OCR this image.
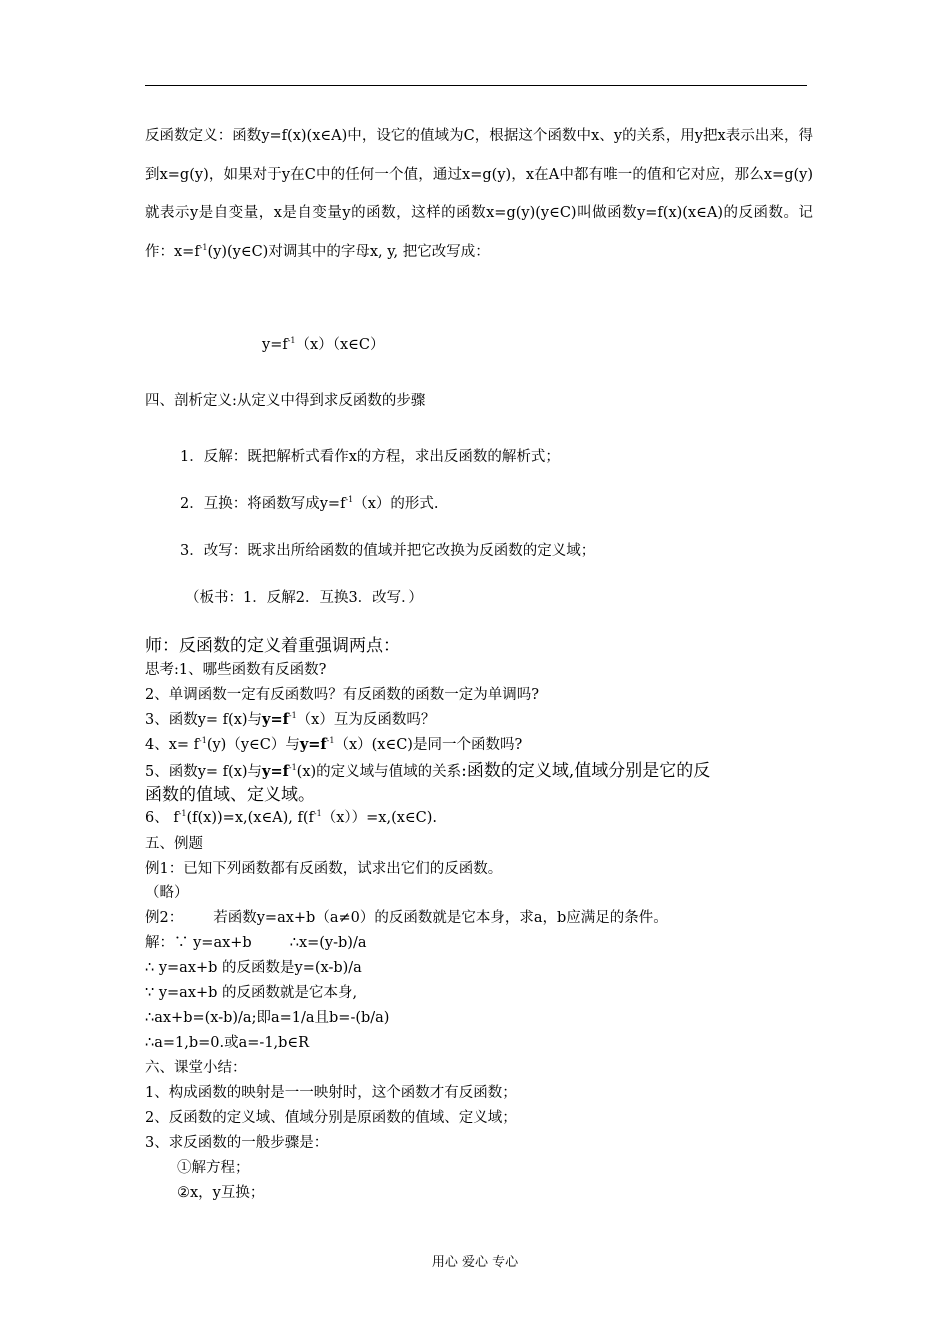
反函数定义：函数y=f(x)(x∈A)中，设它的值域为C，根据这个函数中x、y的关系，用y把x表示出来，得到x=g(y)，如果对于y在C中的任何一个值，通过x=g(y)，x在A中都有唯一的值和它对应，那么x=g(y)就表示y是自变量，x是自变量y的函数，这样的函数x=g(y)(y∈C)叫做函数y=f(x)(x∈A)的反函数。记作：$x=f^{-1}(y)(y\in C)$对调其中的字母x, y, 把它改写成：
$y=f^{-1}(x)(x\in C)$
四、剖析定义:从定义中得到求反函数的步骤
1．反解：既把解析式看作x的方程，求出反函数的解析式；
2．互换：将函数写成$y=f^{-1}(x)$的形式.
3．改写：既求出所给函数的值域并把它改换为反函数的定义域；
（板书：1．反解2．互换3．改写．）
师：反函数的定义着重强调两点：
思考:1、哪些函数有反函数?
2、单调函数一定有反函数吗？有反函数的函数一定为单调吗?
3、函数y= f(x)与$y=f^{-1}(x)$互为反函数吗？
4、$x= f^{-1}(y)(y\in C)$与$y=f^{-1}(x)(x\in C)$是同一个函数吗?
5、函数y= f(x)与$y=f^{-1}(x)$的定义域与值域的关系:函数的定义域,值域分别是它的反
函数的值域、定义域。
6、 $f^{-1}(f(x))=x,(x\in A)$, $f(f^{-1}(x))=x,(x\in C)$.
五、例题
例1：已知下列函数都有反函数，试求出它们的反函数。
（略）
例2： 若函数y=ax+b（a≠0）的反函数就是它本身，求a，b应满足的条件。
解：∵ y=ax+b	∴x=(y-b)/a
∴ y=ax+b 的反函数是y=(x-b)/a
∵ y=ax+b 的反函数就是它本身,
∴ax+b=(x-b)/a;即a=1/a且b=-(b/a)
∴a=1,b=0.或a=-1,b∈R
六、课堂小结：
1、构成函数的映射是一一映射时，这个函数才有反函数；
2、反函数的定义域、值域分别是原函数的值域、定义域；
3、求反函数的一般步骤是：
①解方程；
②x，y互换；
用心 爱心 专心
